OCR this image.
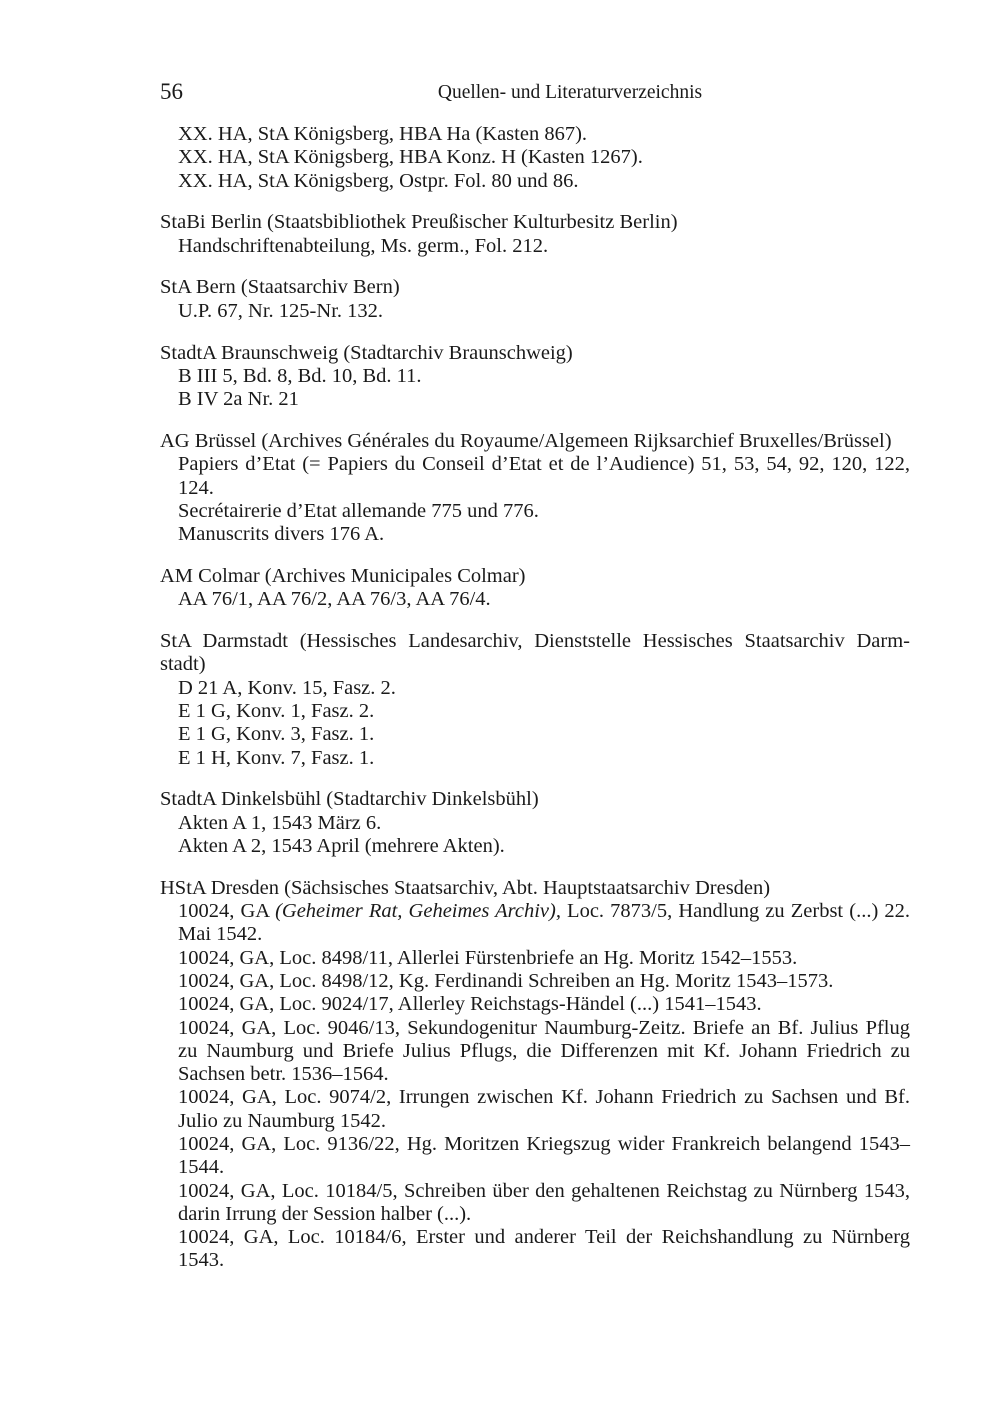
56	Quellen- und Literaturverzeichnis
XX. HA, StA Königsberg, HBA Ha (Kasten 867).
XX. HA, StA Königsberg, HBA Konz. H (Kasten 1267).
XX. HA, StA Königsberg, Ostpr. Fol. 80 und 86.
StaBi Berlin (Staatsbibliothek Preußischer Kulturbesitz Berlin)
Handschriftenabteilung, Ms. germ., Fol. 212.
StA Bern (Staatsarchiv Bern)
U.P. 67, Nr. 125-Nr. 132.
StadtA Braunschweig (Stadtarchiv Braunschweig)
B III 5, Bd. 8, Bd. 10, Bd. 11.
B IV 2a Nr. 21
AG Brüssel (Archives Générales du Royaume/Algemeen Rijksarchief Bruxelles/Brüssel)
Papiers d’Etat (= Papiers du Conseil d’Etat et de l’Audience) 51, 53, 54, 92, 120, 122, 124.
Secrétairerie d’Etat allemande 775 und 776.
Manuscrits divers 176 A.
AM Colmar (Archives Municipales Colmar)
AA 76/1, AA 76/2, AA 76/3, AA 76/4.
StA Darmstadt (Hessisches Landesarchiv, Dienststelle Hessisches Staatsarchiv Darm-
stadt)
D 21 A, Konv. 15, Fasz. 2.
E 1 G, Konv. 1, Fasz. 2.
E 1 G, Konv. 3, Fasz. 1.
E 1 H, Konv. 7, Fasz. 1.
StadtA Dinkelsbühl (Stadtarchiv Dinkelsbühl)
Akten A 1, 1543 März 6.
Akten A 2, 1543 April (mehrere Akten).
HStA Dresden (Sächsisches Staatsarchiv, Abt. Hauptstaatsarchiv Dresden)
10024, GA (Geheimer Rat, Geheimes Archiv), Loc. 7873/5, Handlung zu Zerbst (...) 22. Mai 1542.
10024, GA, Loc. 8498/11, Allerlei Fürstenbriefe an Hg. Moritz 1542–1553.
10024, GA, Loc. 8498/12, Kg. Ferdinandi Schreiben an Hg. Moritz 1543–1573.
10024, GA, Loc. 9024/17, Allerley Reichstags-Händel (...) 1541–1543.
10024, GA, Loc. 9046/13, Sekundogenitur Naumburg-Zeitz. Briefe an Bf. Julius Pflug zu Naumburg und Briefe Julius Pflugs, die Differenzen mit Kf. Johann Friedrich zu Sachsen betr. 1536–1564.
10024, GA, Loc. 9074/2, Irrungen zwischen Kf. Johann Friedrich zu Sachsen und Bf. Julio zu Naumburg 1542.
10024, GA, Loc. 9136/22, Hg. Moritzen Kriegszug wider Frankreich belangend 1543–1544.
10024, GA, Loc. 10184/5, Schreiben über den gehaltenen Reichstag zu Nürnberg 1543, darin Irrung der Session halber (...).
10024, GA, Loc. 10184/6, Erster und anderer Teil der Reichshandlung zu Nürnberg 1543.
